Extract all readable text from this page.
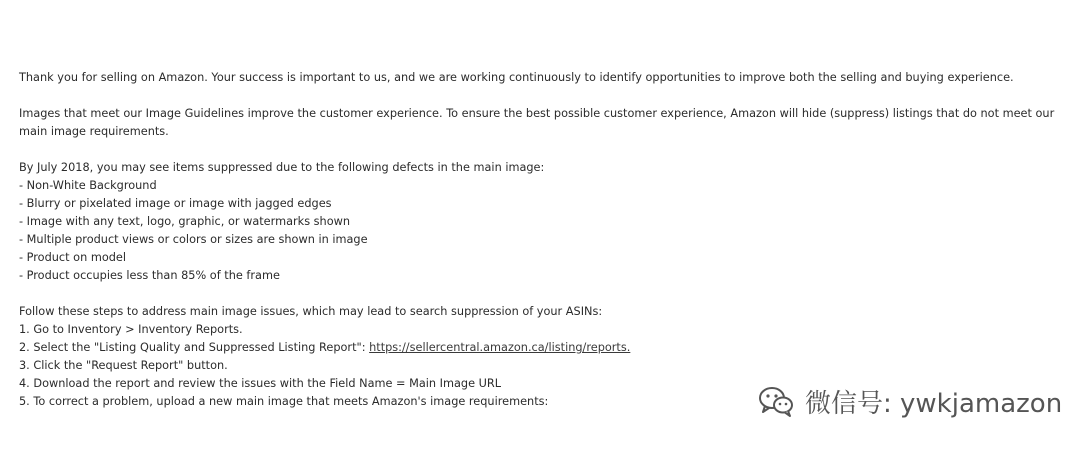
Thank you for selling on Amazon. Your success is important to us, and we are working continuously to identify opportunities to improve both the selling and buying experience.
Images that meet our Image Guidelines improve the customer experience. To ensure the best possible customer experience, Amazon will hide (suppress) listings that do not meet our
main image requirements.
By July 2018, you may see items suppressed due to the following defects in the main image:
- Non-White Background
- Blurry or pixelated image or image with jagged edges
- Image with any text, logo, graphic, or watermarks shown
- Multiple product views or colors or sizes are shown in image
- Product on model
- Product occupies less than 85% of the frame
Follow these steps to address main image issues, which may lead to search suppression of your ASINs:
1. Go to Inventory > Inventory Reports.
2. Select the "Listing Quality and Suppressed Listing Report": https://sellercentral.amazon.ca/listing/reports.
3. Click the "Request Report" button.
4. Download the report and review the issues with the Field Name = Main Image URL
5. To correct a problem, upload a new main image that meets Amazon's image requirements:	微信号: ywkjamazon
